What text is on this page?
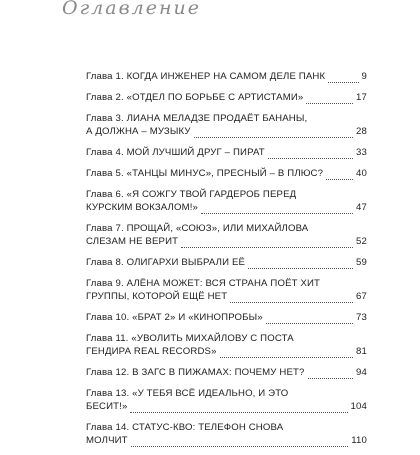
Оглавление
Глава 1. КОГДА ИНЖЕНЕР НА САМОМ ДЕЛЕ ПАНК	9
Глава 2. «ОТДЕЛ ПО БОРЬБЕ С АРТИСТАМИ»	17
Глава 3. ЛИАНА МЕЛАДЗЕ ПРОДАЁТ БАНАНЫ,
А ДОЛЖНА – МУЗЫКУ	28
Глава 4. МОЙ ЛУЧШИЙ ДРУГ – ПИРАТ	33
Глава 5. «ТАНЦЫ МИНУС», ПРЕСНЫЙ – В ПЛЮС?	40
Глава 6. «Я СОЖГУ ТВОЙ ГАРДЕРОБ ПЕРЕД
КУРСКИМ ВОКЗАЛОМ!»	47
Глава 7. ПРОЩАЙ, «СОЮЗ», ИЛИ МИХАЙЛОВА
СЛЕЗАМ НЕ ВЕРИТ	52
Глава 8. ОЛИГАРХИ ВЫБРАЛИ ЕЁ	59
Глава 9. АЛЁНА МОЖЕТ: ВСЯ СТРАНА ПОЁТ ХИТ
ГРУППЫ, КОТОРОЙ ЕЩЁ НЕТ	67
Глава 10. «БРАТ 2» И «КИНОПРОБЫ»	73
Глава 11. «УВОЛИТЬ МИХАЙЛОВУ С ПОСТА
ГЕНДИРА REAL RECORDS»	81
Глава 12. В ЗАГС В ПИЖАМАХ: ПОЧЕМУ НЕТ?	94
Глава 13. «У ТЕБЯ ВСЁ ИДЕАЛЬНО, И ЭТО
БЕСИТ!»	104
Глава 14. СТАТУС-КВО: ТЕЛЕФОН СНОВА
МОЛЧИТ	110
